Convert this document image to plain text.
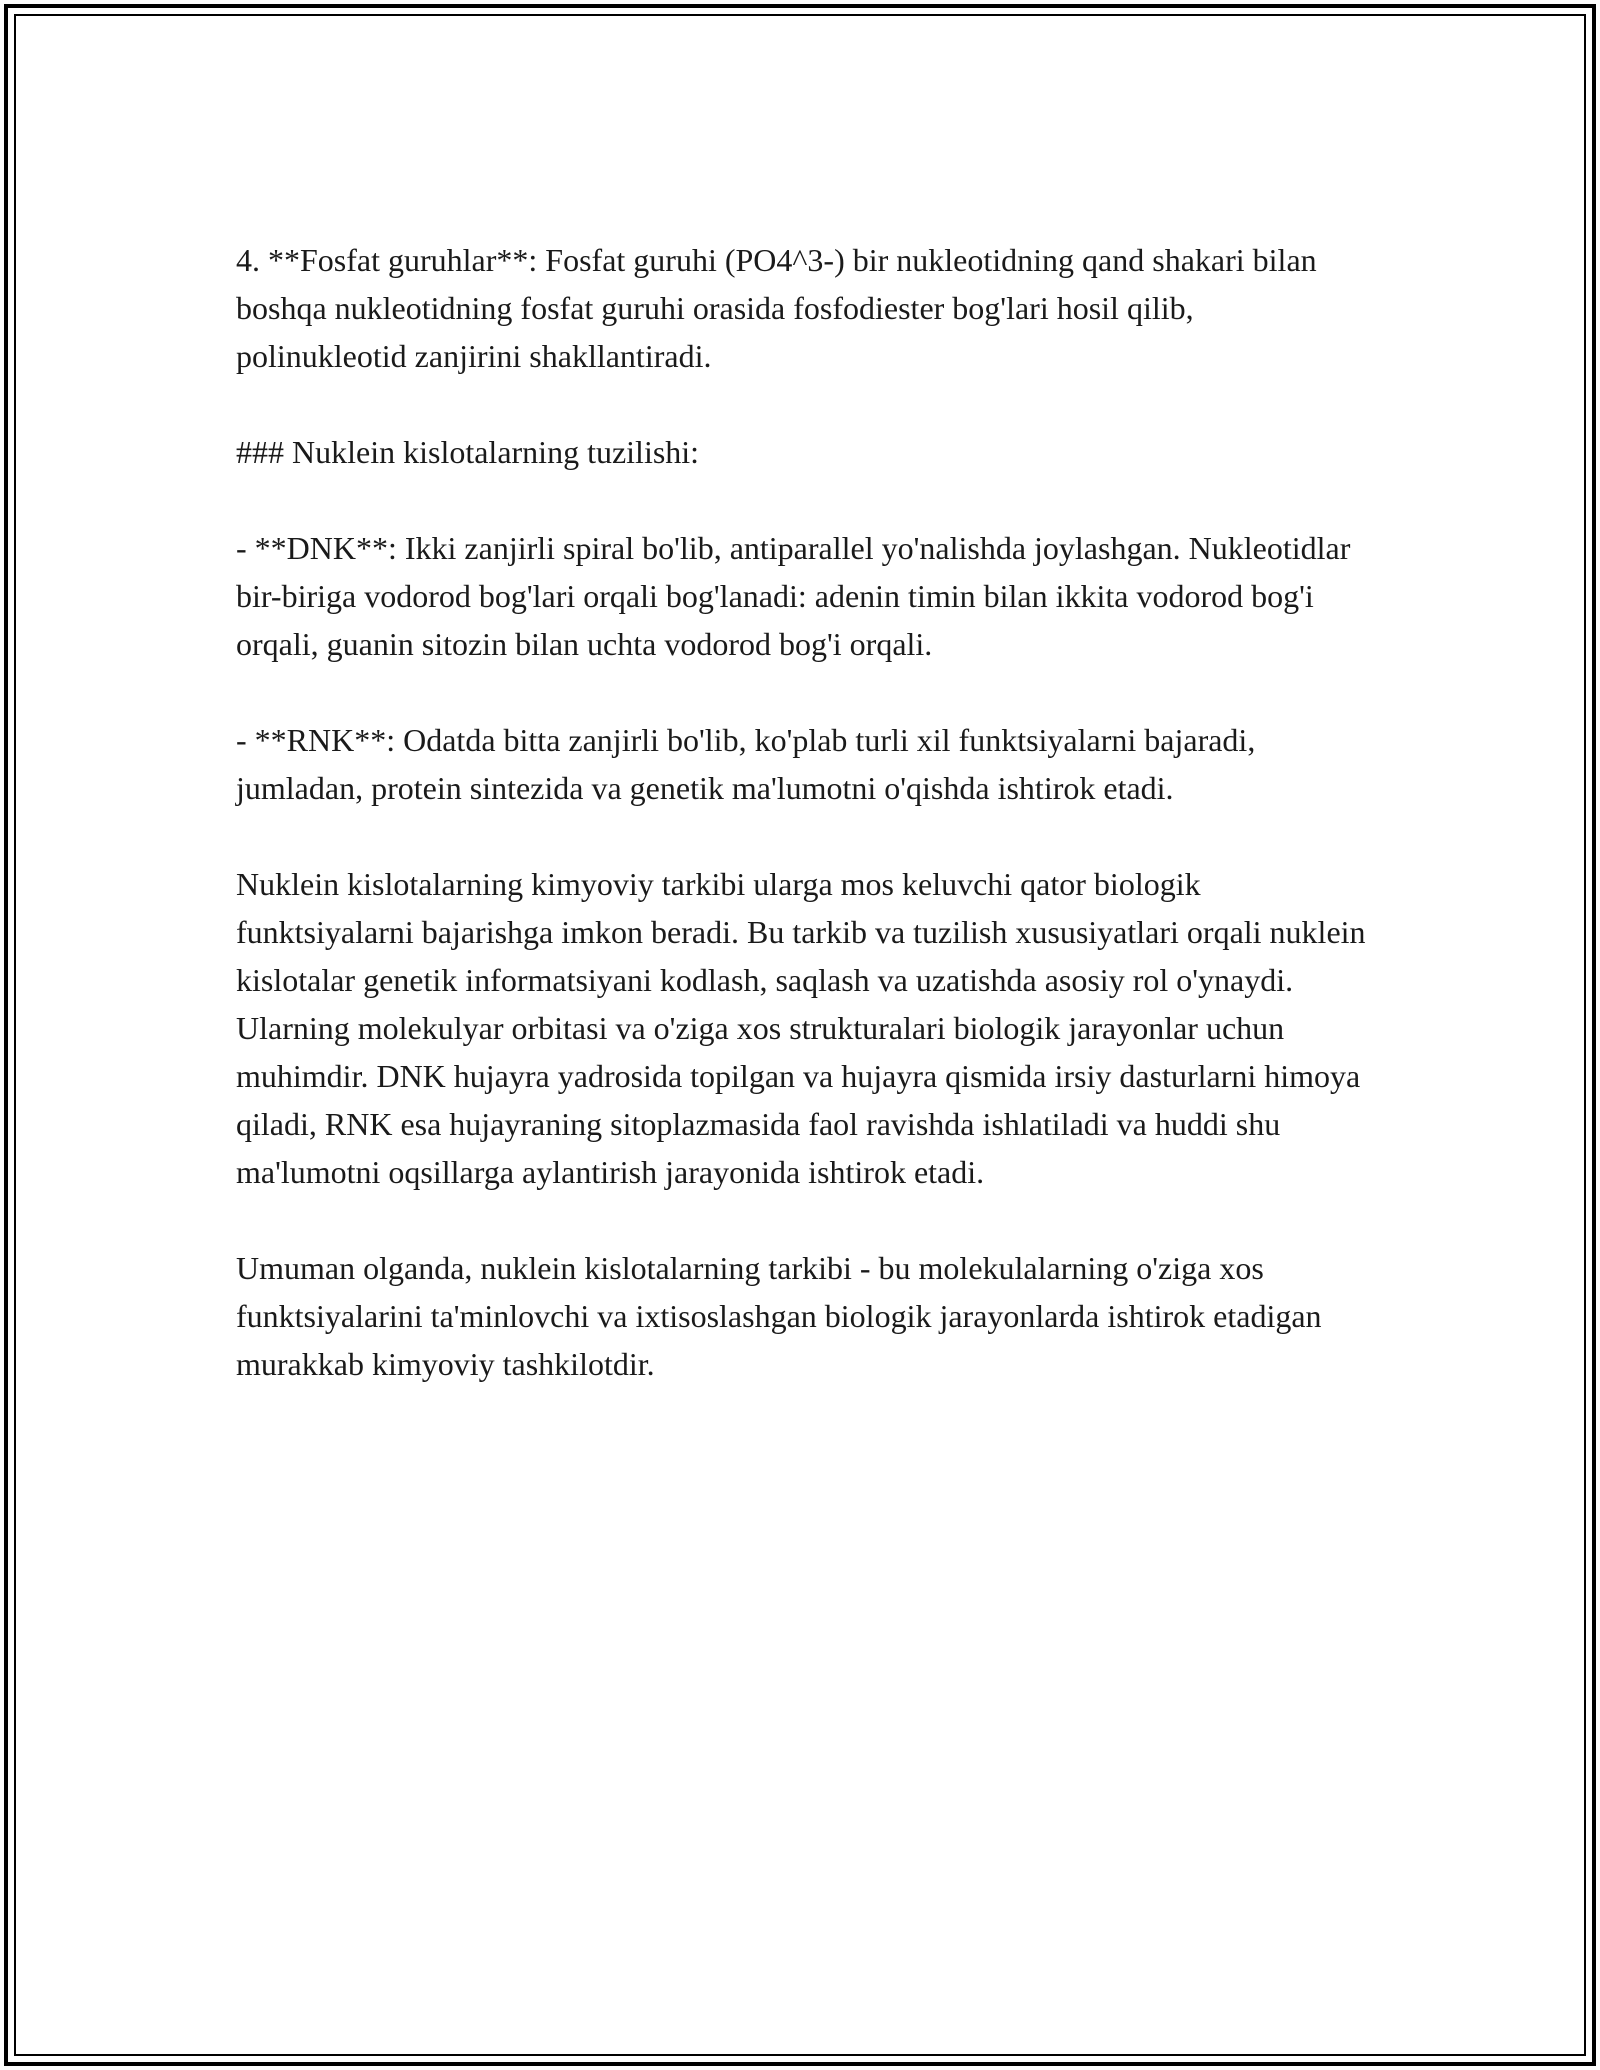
4. **Fosfat guruhlar**: Fosfat guruhi (PO4^3-) bir nukleotidning qand shakari bilan boshqa nukleotidning fosfat guruhi orasida fosfodiester bog'lari hosil qilib, polinukleotid zanjirini shakllantiradi.

### Nuklein kislotalarning tuzilishi:

- **DNK**: Ikki zanjirli spiral bo'lib, antiparallel yo'nalishda joylashgan. Nukleotidlar bir-biriga vodorod bog'lari orqali bog'lanadi: adenin timin bilan ikkita vodorod bog'i orqali, guanin sitozin bilan uchta vodorod bog'i orqali.

- **RNK**: Odatda bitta zanjirli bo'lib, ko'plab turli xil funktsiyalarni bajaradi, jumladan, protein sintezida va genetik ma'lumotni o'qishda ishtirok etadi.

Nuklein kislotalarning kimyoviy tarkibi ularga mos keluvchi qator biologik funktsiyalarni bajarishga imkon beradi. Bu tarkib va tuzilish xususiyatlari orqali nuklein kislotalar genetik informatsiyani kodlash, saqlash va uzatishda asosiy rol o'ynaydi. Ularning molekulyar orbitasi va o'ziga xos strukturalari biologik jarayonlar uchun muhimdir. DNK hujayra yadrosida topilgan va hujayra qismida irsiy dasturlarni himoya qiladi, RNK esa hujayraning sitoplazmasida faol ravishda ishlatiladi va huddi shu ma'lumotni oqsillarga aylantirish jarayonida ishtirok etadi.

Umuman olganda, nuklein kislotalarning tarkibi - bu molekulalarning o'ziga xos funktsiyalarini ta'minlovchi va ixtisoslashgan biologik jarayonlarda ishtirok etadigan murakkab kimyoviy tashkilotdir.
